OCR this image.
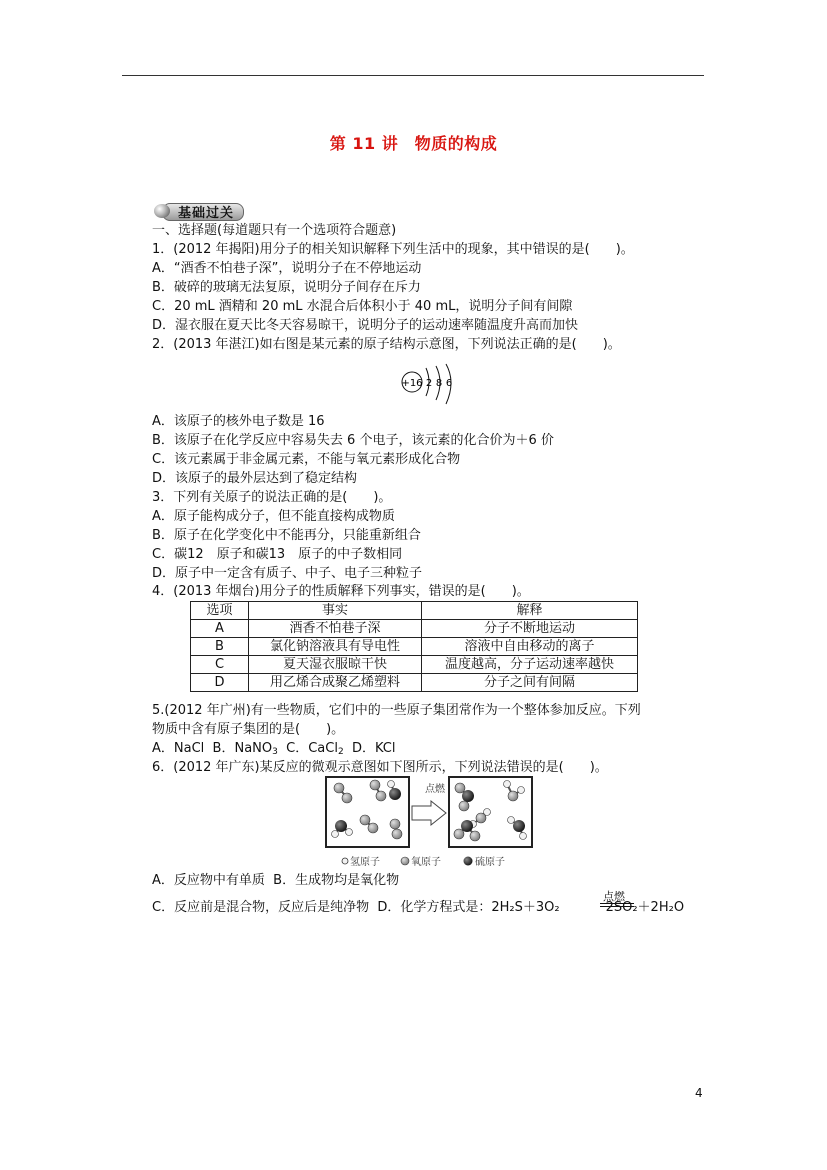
第 11 讲　物质的构成
基础过关
一、选择题(每道题只有一个选项符合题意)
1．(2012 年揭阳)用分子的相关知识解释下列生活中的现象，其中错误的是(　　)。
A．“酒香不怕巷子深”，说明分子在不停地运动
B．破碎的玻璃无法复原，说明分子间存在斥力
C．20 mL 酒精和 20 mL 水混合后体积小于 40 mL，说明分子间有间隙
D．湿衣服在夏天比冬天容易晾干，说明分子的运动速率随温度升高而加快
2．(2013 年湛江)如右图是某元素的原子结构示意图，下列说法正确的是(　　)。
+16 2 8 6
A．该原子的核外电子数是 16
B．该原子在化学反应中容易失去 6 个电子，该元素的化合价为＋6 价
C．该元素属于非金属元素，不能与氧元素形成化合物
D．该原子的最外层达到了稳定结构
3．下列有关原子的说法正确的是(　　)。
A．原子能构成分子，但不能直接构成物质
B．原子在化学变化中不能再分，只能重新组合
C．碳12　原子和碳13　原子的中子数相同
D．原子中一定含有质子、中子、电子三种粒子
4．(2013 年烟台)用分子的性质解释下列事实，错误的是(　　)。
选项	事实	解释
A	酒香不怕巷子深	分子不断地运动
B	氯化钠溶液具有导电性	溶液中自由移动的离子
C	夏天湿衣服晾干快	温度越高，分子运动速率越快
D	用乙烯合成聚乙烯塑料	分子之间有间隔
5.(2012 年广州)有一些物质，它们中的一些原子集团常作为一个整体参加反应。下列
物质中含有原子集团的是(　　)。
A．NaCl B．NaNO$_3$ C．CaCl$_2$ D．KCl
6．(2012 年广东)某反应的微观示意图如下图所示，下列说法错误的是(　　)。
点燃
氢原子	氧原子	硫原子
A．反应物中有单质 B．生成物均是氧化物
C．反应前是混合物，反应后是纯净物 D．化学方程式是：2H₂S＋3O₂	2SO₂＋2H₂O
点燃
4
